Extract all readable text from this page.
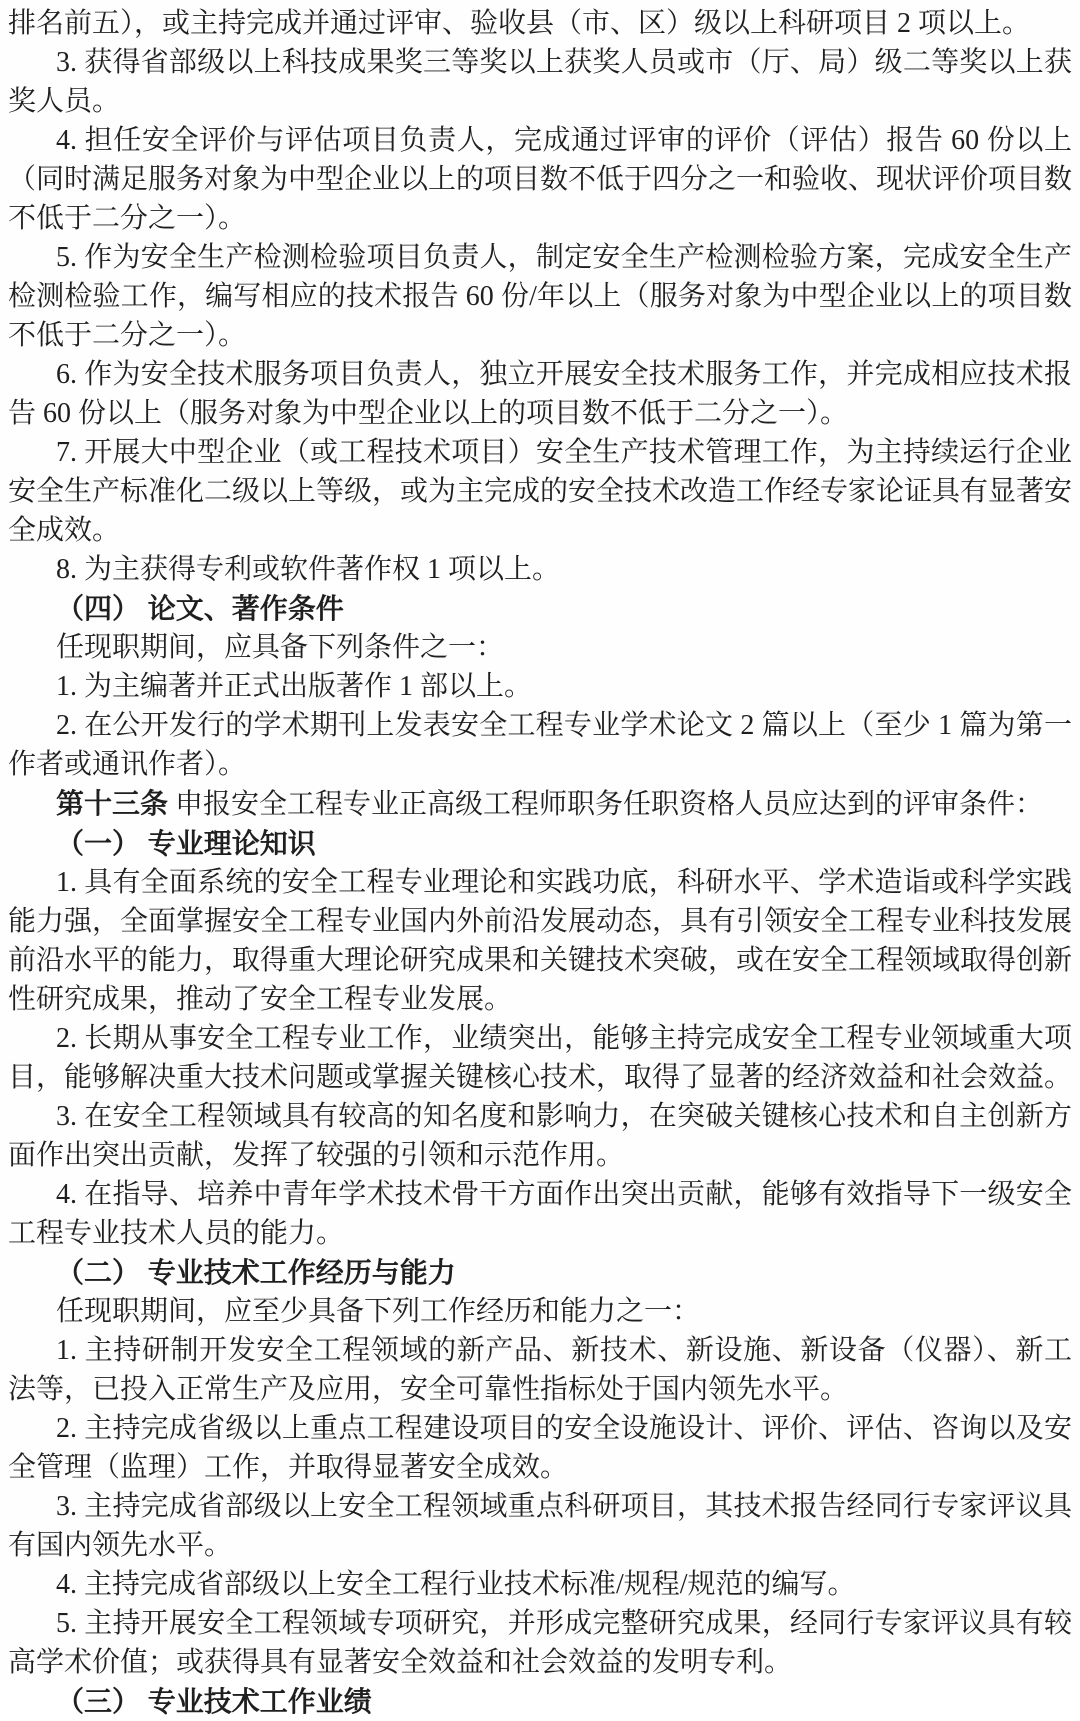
排名前五），或主持完成并通过评审、验收县（市、区）级以上科研项目 2 项以上。

3. 获得省部级以上科技成果奖三等奖以上获奖人员或市（厅、局）级二等奖以上获奖人员。

4. 担任安全评价与评估项目负责人，完成通过评审的评价（评估）报告 60 份以上（同时满足服务对象为中型企业以上的项目数不低于四分之一和验收、现状评价项目数不低于二分之一）。

5. 作为安全生产检测检验项目负责人，制定安全生产检测检验方案，完成安全生产检测检验工作，编写相应的技术报告 60 份/年以上（服务对象为中型企业以上的项目数不低于二分之一）。

6. 作为安全技术服务项目负责人，独立开展安全技术服务工作，并完成相应技术报告 60 份以上（服务对象为中型企业以上的项目数不低于二分之一）。

7. 开展大中型企业（或工程技术项目）安全生产技术管理工作，为主持续运行企业安全生产标准化二级以上等级，或为主完成的安全技术改造工作经专家论证具有显著安全成效。

8. 为主获得专利或软件著作权 1 项以上。

（四） 论文、著作条件

任现职期间，应具备下列条件之一：

1. 为主编著并正式出版著作 1 部以上。

2. 在公开发行的学术期刊上发表安全工程专业学术论文 2 篇以上（至少 1 篇为第一作者或通讯作者）。

第十三条 申报安全工程专业正高级工程师职务任职资格人员应达到的评审条件：

（一） 专业理论知识

1. 具有全面系统的安全工程专业理论和实践功底，科研水平、学术造诣或科学实践能力强，全面掌握安全工程专业国内外前沿发展动态，具有引领安全工程专业科技发展前沿水平的能力，取得重大理论研究成果和关键技术突破，或在安全工程领域取得创新性研究成果，推动了安全工程专业发展。

2. 长期从事安全工程专业工作，业绩突出，能够主持完成安全工程专业领域重大项目，能够解决重大技术问题或掌握关键核心技术，取得了显著的经济效益和社会效益。

3. 在安全工程领域具有较高的知名度和影响力，在突破关键核心技术和自主创新方面作出突出贡献，发挥了较强的引领和示范作用。

4. 在指导、培养中青年学术技术骨干方面作出突出贡献，能够有效指导下一级安全工程专业技术人员的能力。

（二） 专业技术工作经历与能力

任现职期间，应至少具备下列工作经历和能力之一：

1. 主持研制开发安全工程领域的新产品、新技术、新设施、新设备（仪器）、新工法等，已投入正常生产及应用，安全可靠性指标处于国内领先水平。

2. 主持完成省级以上重点工程建设项目的安全设施设计、评价、评估、咨询以及安全管理（监理）工作，并取得显著安全成效。

3. 主持完成省部级以上安全工程领域重点科研项目，其技术报告经同行专家评议具有国内领先水平。

4. 主持完成省部级以上安全工程行业技术标准/规程/规范的编写。

5. 主持开展安全工程领域专项研究，并形成完整研究成果，经同行专家评议具有较高学术价值；或获得具有显著安全效益和社会效益的发明专利。

（三） 专业技术工作业绩
